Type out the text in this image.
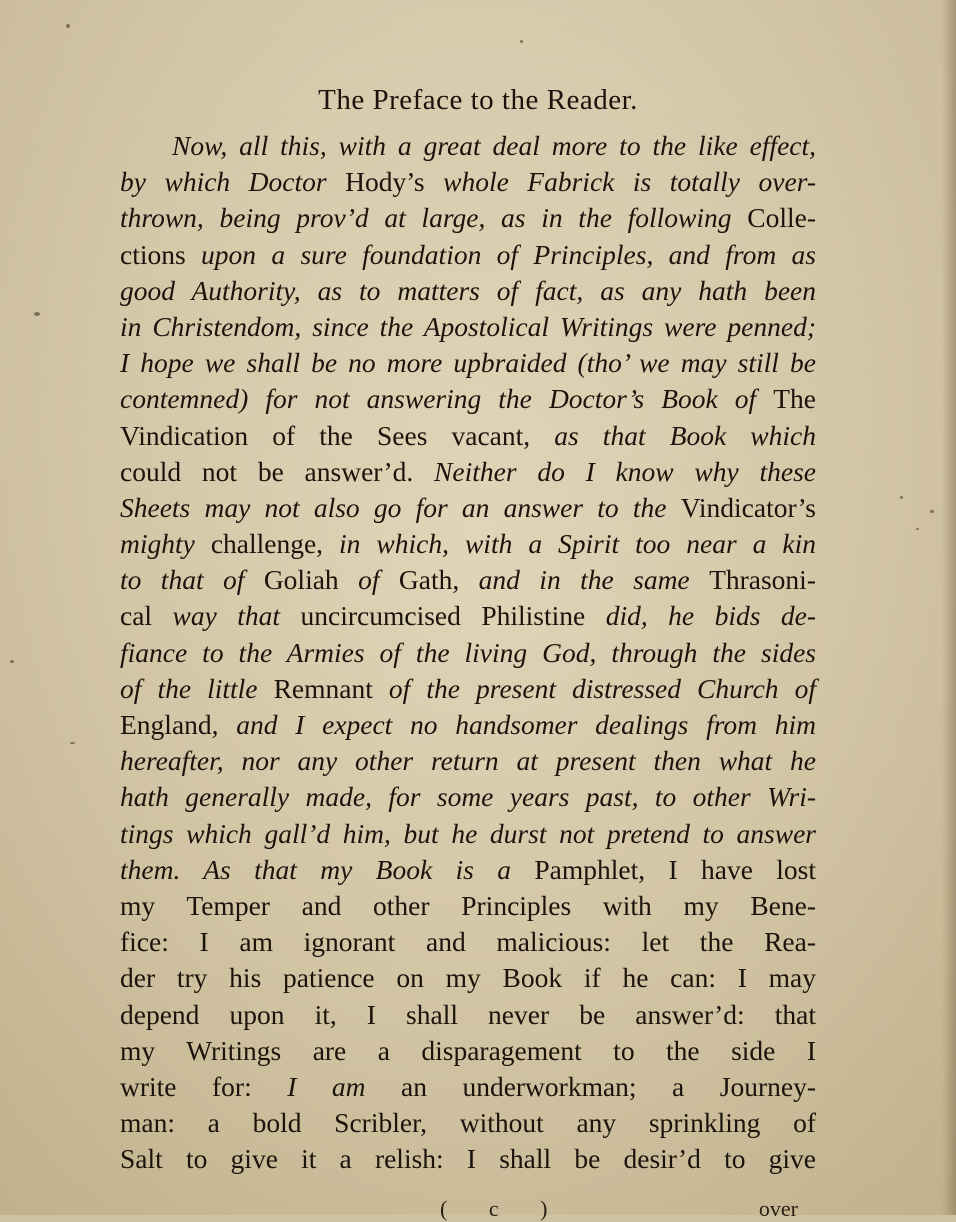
The Preface to the Reader.
Now, all this, with a great deal more to the like effect,
by which Doctor Hody’s whole Fabrick is totally over-
thrown, being prov’d at large, as in the following Colle-
ctions upon a sure foundation of Principles, and from as
good Authority, as to matters of fact, as any hath been
in Christendom, since the Apostolical Writings were penned;
I hope we shall be no more upbraided (tho’ we may still be
contemned) for not answering the Doctor’s Book of The
Vindication of the Sees vacant, as that Book which
could not be answer’d. Neither do I know why these
Sheets may not also go for an answer to the Vindicator’s
mighty challenge, in which, with a Spirit too near a kin
to that of Goliah of Gath, and in the same Thrasoni-
cal way that uncircumcised Philistine did, he bids de-
fiance to the Armies of the living God, through the sides
of the little Remnant of the present distressed Church of
England, and I expect no handsomer dealings from him
hereafter, nor any other return at present then what he
hath generally made, for some years past, to other Wri-
tings which gall’d him, but he durst not pretend to answer
them. As that my Book is a Pamphlet, I have lost
my Temper and other Principles with my Bene-
fice: I am ignorant and malicious: let the Rea-
der try his patience on my Book if he can: I may
depend upon it, I shall never be answer’d: that
my Writings are a disparagement to the side I
write for: I am an underworkman; a Journey-
man: a bold Scribler, without any sprinkling of
Salt to give it a relish: I shall be desir’d to give
( c )	over
